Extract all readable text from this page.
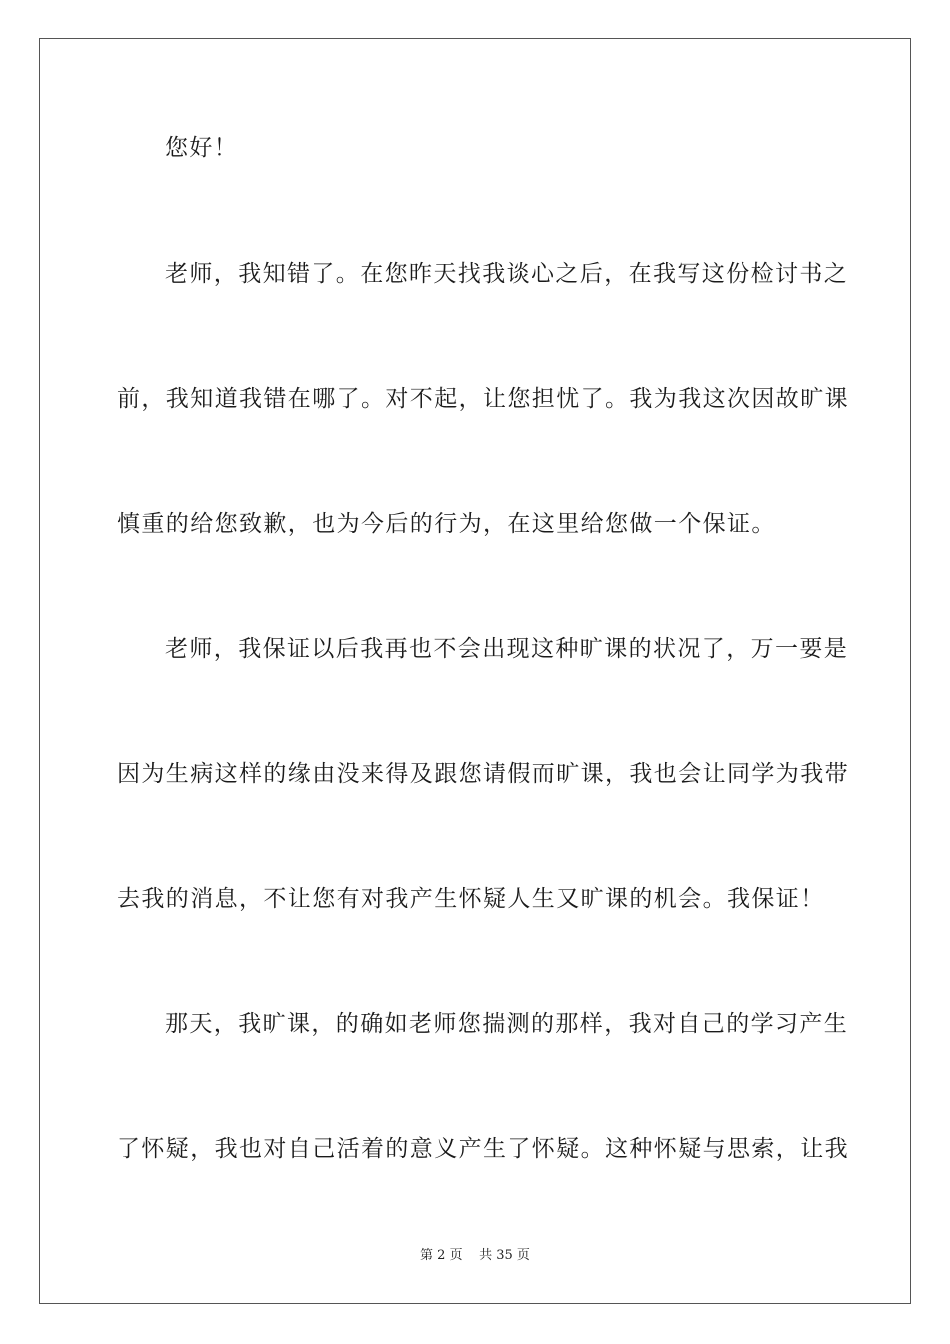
您好！
老师，我知错了。在您昨天找我谈心之后，在我写这份检讨书之
前，我知道我错在哪了。对不起，让您担忧了。我为我这次因故旷课
慎重的给您致歉，也为今后的行为，在这里给您做一个保证。
老师，我保证以后我再也不会出现这种旷课的状况了，万一要是
因为生病这样的缘由没来得及跟您请假而旷课，我也会让同学为我带
去我的消息，不让您有对我产生怀疑人生又旷课的机会。我保证！
那天，我旷课，的确如老师您揣测的那样，我对自己的学习产生
了怀疑，我也对自己活着的意义产生了怀疑。这种怀疑与思索，让我
第 2 页 共 35 页
